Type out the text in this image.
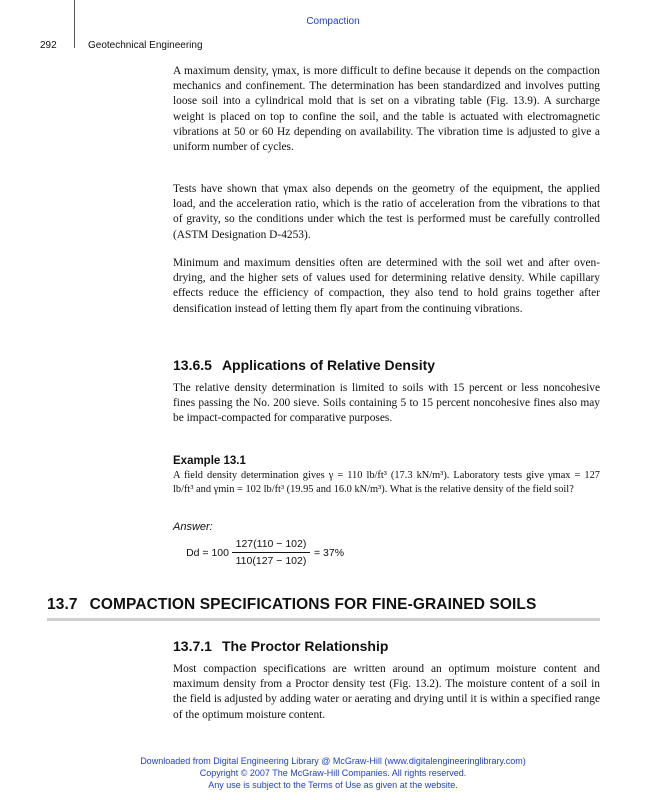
Compaction
292	Geotechnical Engineering

A maximum density, γmax, is more difficult to define because it depends on the compaction mechanics and confinement. The determination has been standardized and involves putting loose soil into a cylindrical mold that is set on a vibrating table (Fig. 13.9). A surcharge weight is placed on top to confine the soil, and the table is actuated with electromagnetic vibrations at 50 or 60 Hz depending on availability. The vibration time is adjusted to give a uniform number of cycles.

Tests have shown that γmax also depends on the geometry of the equipment, the applied load, and the acceleration ratio, which is the ratio of acceleration from the vibrations to that of gravity, so the conditions under which the test is performed must be carefully controlled (ASTM Designation D-4253).

Minimum and maximum densities often are determined with the soil wet and after oven-drying, and the higher sets of values used for determining relative density. While capillary effects reduce the efficiency of compaction, they also tend to hold grains together after densification instead of letting them fly apart from the continuing vibrations.

13.6.5 Applications of Relative Density

The relative density determination is limited to soils with 15 percent or less noncohesive fines passing the No. 200 sieve. Soils containing 5 to 15 percent noncohesive fines also may be impact-compacted for comparative purposes.

Example 13.1
A field density determination gives γ = 110 lb/ft³ (17.3 kN/m³). Laboratory tests give γmax = 127 lb/ft³ and γmin = 102 lb/ft³ (19.95 and 16.0 kN/m³). What is the relative density of the field soil?
Answer:
Dd = 100
127(110 − 102)
110(127 − 102)
= 37%
13.7 COMPACTION SPECIFICATIONS FOR FINE-GRAINED SOILS
13.7.1 The Proctor Relationship

Most compaction specifications are written around an optimum moisture content and maximum density from a Proctor density test (Fig. 13.2). The moisture content of a soil in the field is adjusted by adding water or aerating and drying until it is within a specified range of the optimum moisture content.

Downloaded from Digital Engineering Library @ McGraw-Hill (www.digitalengineeringlibrary.com)
Copyright © 2007 The McGraw-Hill Companies. All rights reserved.
Any use is subject to the Terms of Use as given at the website.
